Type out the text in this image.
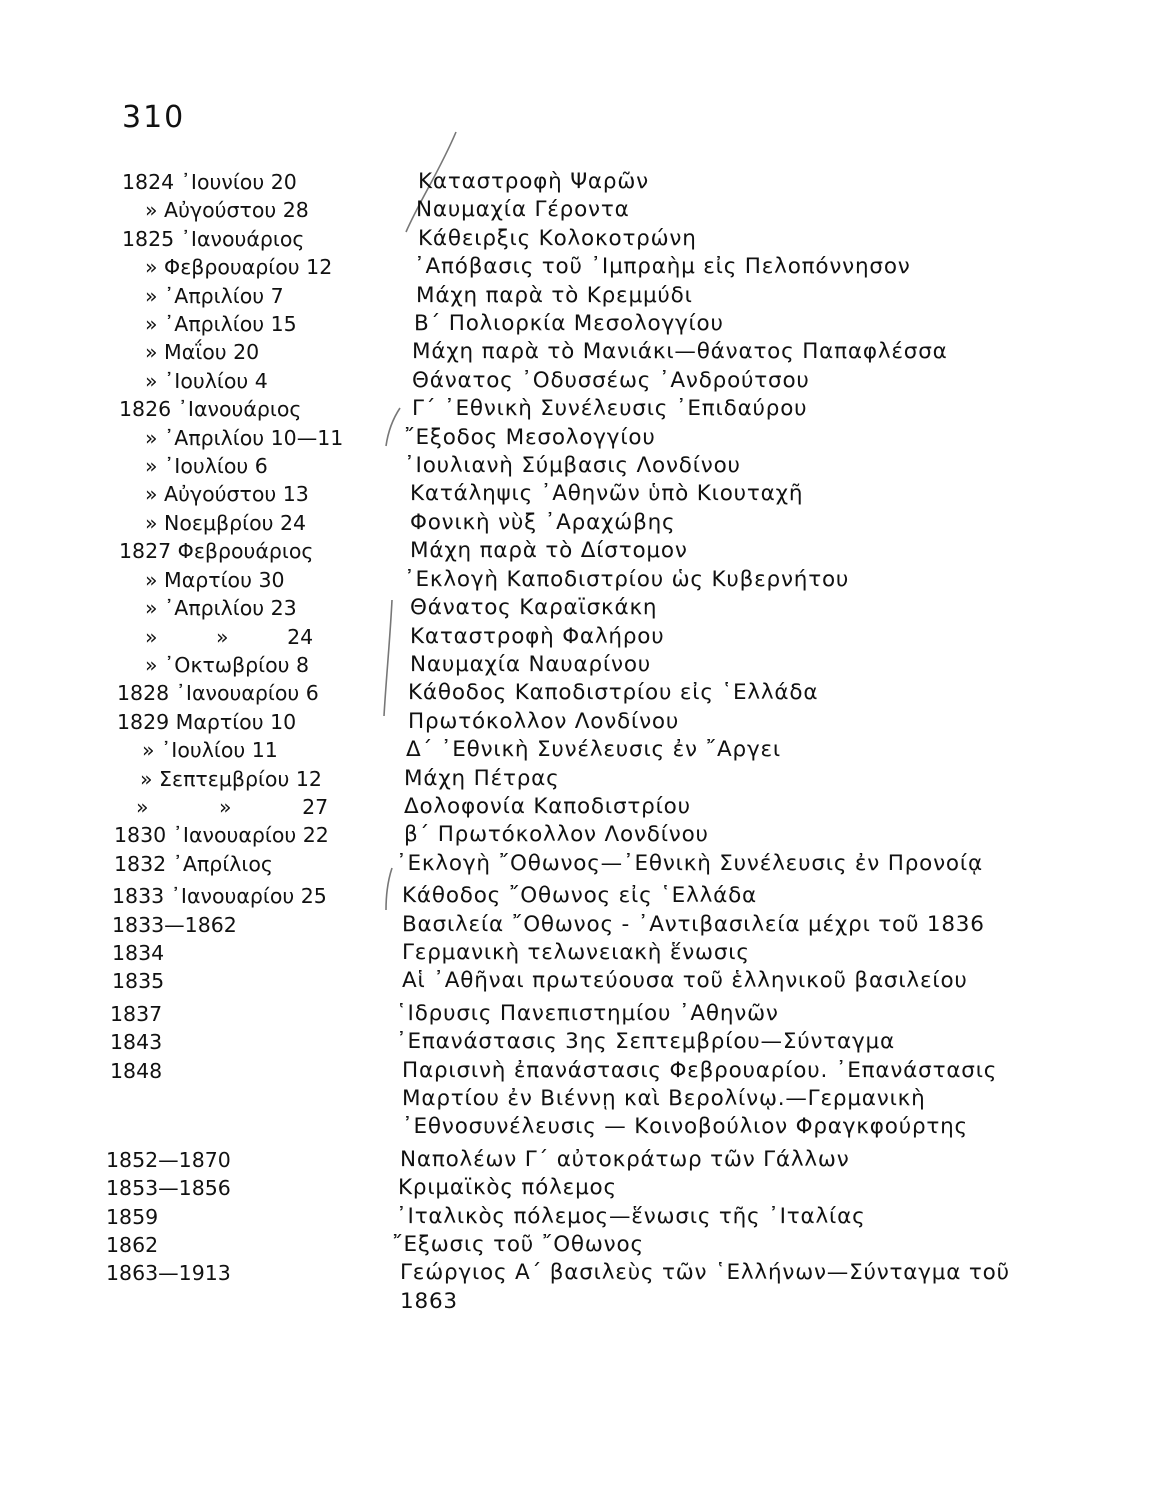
310
1824 ᾽Ιουνίου 20	Καταστροφὴ Ψαρῶν
» Αὐγούστου 28	Ναυμαχία Γέροντα
1825 ᾽Ιανουάριος	Κάθειρξις Κολοκοτρώνη
» Φεβρουαρίου 12	᾽Απόβασις τοῦ ᾽Ιμπραὴμ εἰς Πελοπόννησον
» ᾽Απριλίου 7	Μάχη παρὰ τὸ Κρεμμύδι
» ᾽Απριλίου 15	Β΄ Πολιορκία Μεσολογγίου
» Μαΐου 20	Μάχη παρὰ τὸ Μανιάκι—θάνατος Παπαφλέσσα
» ᾽Ιουλίου 4	Θάνατος ᾽Οδυσσέως ᾽Ανδρούτσου
1826 ᾽Ιανουάριος	Γ΄ ᾽Εθνικὴ Συνέλευσις ᾽Επιδαύρου
» ᾽Απριλίου 10—11	῎Εξοδος Μεσολογγίου
» ᾽Ιουλίου 6	᾽Ιουλιανὴ Σύμβασις Λονδίνου
» Αὐγούστου 13	Κατάληψις ᾽Αθηνῶν ὑπὸ Κιουταχῆ
» Νοεμβρίου 24	Φονικὴ νὺξ ᾽Αραχώβης
1827 Φεβρουάριος	Μάχη παρὰ τὸ Δίστομον
» Μαρτίου 30	᾽Εκλογὴ Καποδιστρίου ὡς Κυβερνήτου
» ᾽Απριλίου 23	Θάνατος Καραϊσκάκη
» » 24	Καταστροφὴ Φαλήρου
» ᾽Οκτωβρίου 8	Ναυμαχία Ναυαρίνου
1828 ᾽Ιανουαρίου 6	Κάθοδος Καποδιστρίου εἰς ῾Ελλάδα
1829 Μαρτίου 10	Πρωτόκολλον Λονδίνου
» ᾽Ιουλίου 11	Δ΄ ᾽Εθνικὴ Συνέλευσις ἐν ῎Αργει
» Σεπτεμβρίου 12	Μάχη Πέτρας
» » 27	Δολοφονία Καποδιστρίου
1830 ᾽Ιανουαρίου 22	β΄ Πρωτόκολλον Λονδίνου
1832 ᾽Απρίλιος	᾽Εκλογὴ ῎Οθωνος—᾽Εθνικὴ Συνέλευσις ἐν Προνοίᾳ
1833 ᾽Ιανουαρίου 25	Κάθοδος ῎Οθωνος εἰς ῾Ελλάδα
1833—1862	Βασιλεία ῎Οθωνος - ᾽Αντιβασιλεία μέχρι τοῦ 1836
1834	Γερμανικὴ τελωνειακὴ ἕνωσις
1835	Αἱ ᾽Αθῆναι πρωτεύουσα τοῦ ἑλληνικοῦ βασιλείου
1837	῾Ιδρυσις Πανεπιστημίου ᾽Αθηνῶν
1843	᾽Επανάστασις 3ης Σεπτεμβρίου—Σύνταγμα
1848	Παρισινὴ ἐπανάστασις Φεβρουαρίου. ᾽Επανάστασις Μαρτίου ἐν Βιέννῃ καὶ Βερολίνῳ.—Γερμανικὴ ᾽Εθνοσυνέλευσις — Κοινοβούλιον Φραγκφούρτης
1852—1870	Ναπολέων Γ΄ αὐτοκράτωρ τῶν Γάλλων
1853—1856	Κριμαϊκὸς πόλεμος
1859	᾽Ιταλικὸς πόλεμος—ἕνωσις τῆς ᾽Ιταλίας
1862	῎Εξωσις τοῦ ῎Οθωνος
1863—1913	Γεώργιος Α΄ βασιλεὺς τῶν ῾Ελλήνων—Σύνταγμα τοῦ 1863
